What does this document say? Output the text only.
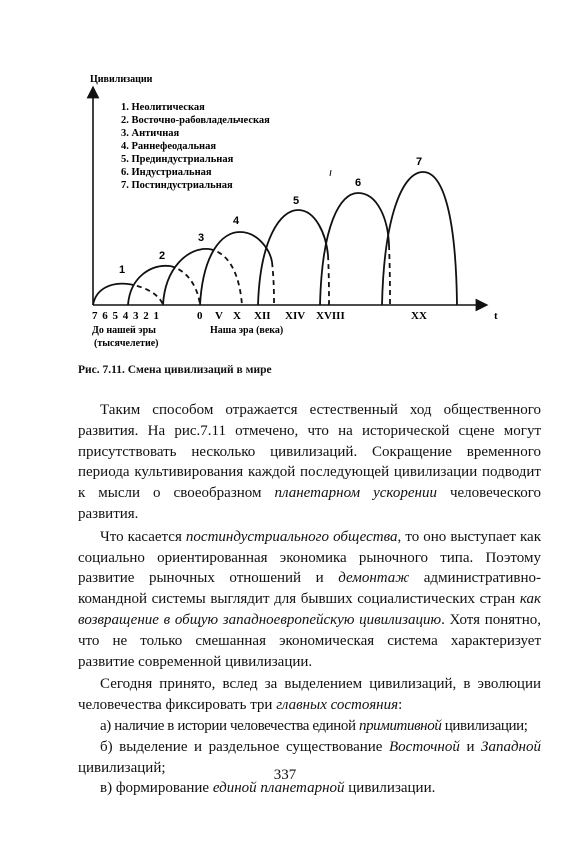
Цивилизации
1. Неолитическая
2. Восточно-рабовладельческая
3. Античная
4. Раннефеодальная
5. Прединдустриальная
6. Индустриальная
7. Постиндустриальная
1
2
3
4
5
6
7
7 6 5 4 3 2 1	0 V X XII XIV XVIII	XX	t
До нашей эры
(тысячелетие)
Наша эра (века)
Рис. 7.11. Смена цивилизаций в мире

Таким способом отражается естественный ход общественного развития. На рис.7.11 отмечено, что на исторической сцене могут присутствовать несколько цивилизаций. Сокращение временного периода культивирования каждой последующей цивилизации подводит к мысли о своеобразном планетарном ускорении человеческого развития.

Что касается постиндустриального общества, то оно выступает как социально ориентированная экономика рыночного типа. Поэтому развитие рыночных отношений и демонтаж административно-командной системы выглядит для бывших социалистических стран как возвращение в общую западноевропейскую цивилизацию. Хотя понятно, что не только смешанная экономическая система характеризует развитие современной цивилизации.

Сегодня принято, вслед за выделением цивилизаций, в эволюции человечества фиксировать три главных состояния:

а) наличие в истории человечества единой примитивной цивилизации;

б) выделение и раздельное существование Восточной и Западной цивилизаций;

в) формирование единой планетарной цивилизации.

337
